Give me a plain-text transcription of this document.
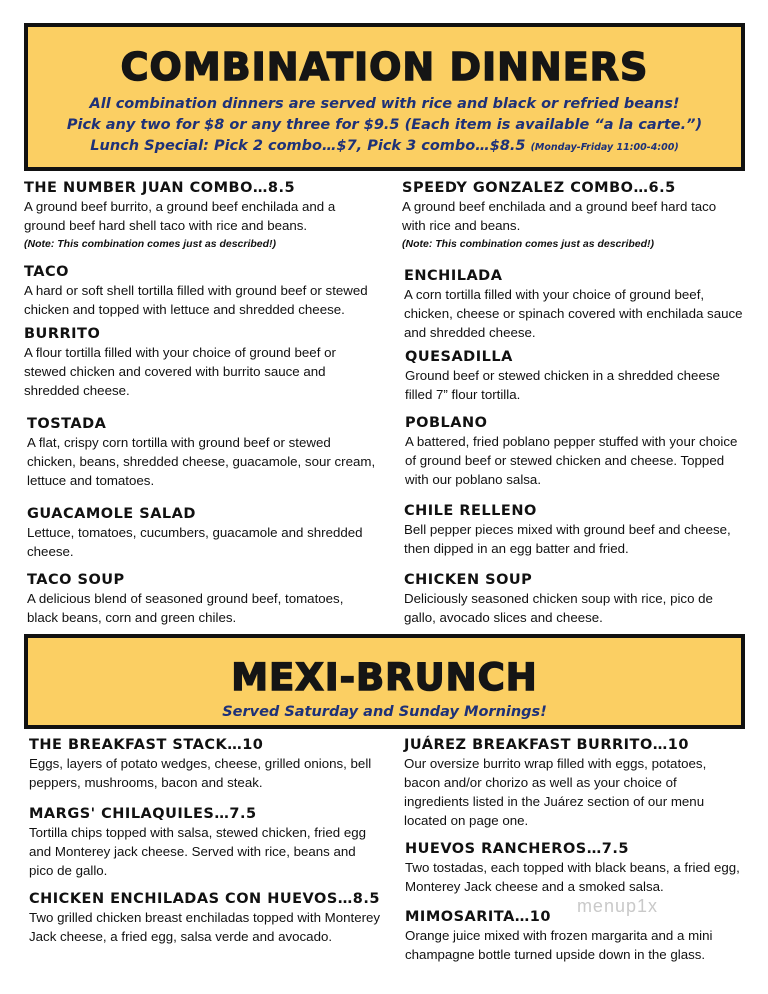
COMBINATION DINNERS
All combination dinners are served with rice and black or refried beans!
Pick any two for $8 or any three for $9.5 (Each item is available “a la carte.”)
Lunch Special: Pick 2 combo…$7, Pick 3 combo…$8.5 (Monday-Friday 11:00-4:00)
THE NUMBER JUAN COMBO…8.5
A ground beef burrito, a ground beef enchilada and a ground beef hard shell taco with rice and beans.
(Note: This combination comes just as described!)
TACO
A hard or soft shell tortilla filled with ground beef or stewed chicken and topped with lettuce and shredded cheese.
BURRITO
A flour tortilla filled with your choice of ground beef or stewed chicken and covered with burrito sauce and shredded cheese.
TOSTADA
A flat, crispy corn tortilla with ground beef or stewed chicken, beans, shredded cheese, guacamole, sour cream, lettuce and tomatoes.
GUACAMOLE SALAD
Lettuce, tomatoes, cucumbers, guacamole and shredded cheese.
TACO SOUP
A delicious blend of seasoned ground beef, tomatoes, black beans, corn and green chiles.
SPEEDY GONZALEZ COMBO…6.5
A ground beef enchilada and a ground beef hard taco with rice and beans.
(Note: This combination comes just as described!)
ENCHILADA
A corn tortilla filled with your choice of ground beef, chicken, cheese or spinach covered with enchilada sauce and shredded cheese.
QUESADILLA
Ground beef or stewed chicken in a shredded cheese filled 7” flour tortilla.
POBLANO
A battered, fried poblano pepper stuffed with your choice of ground beef or stewed chicken and cheese. Topped with our poblano salsa.
CHILE RELLENO
Bell pepper pieces mixed with ground beef and cheese, then dipped in an egg batter and fried.
CHICKEN SOUP
Deliciously seasoned chicken soup with rice, pico de gallo, avocado slices and cheese.
MEXI-BRUNCH
Served Saturday and Sunday Mornings!
THE BREAKFAST STACK…10
Eggs, layers of potato wedges, cheese, grilled onions, bell peppers, mushrooms, bacon and steak.
MARGS' CHILAQUILES…7.5
Tortilla chips topped with salsa, stewed chicken, fried egg and Monterey jack cheese. Served with rice, beans and pico de gallo.
CHICKEN ENCHILADAS CON HUEVOS…8.5
Two grilled chicken breast enchiladas topped with Monterey Jack cheese, a fried egg, salsa verde and avocado.
JUÁREZ BREAKFAST BURRITO…10
Our oversize burrito wrap filled with eggs, potatoes, bacon and/or chorizo as well as your choice of ingredients listed in the Juárez section of our menu located on page one.
HUEVOS RANCHEROS…7.5
Two tostadas, each topped with black beans, a fried egg, Monterey Jack cheese and a smoked salsa.
MIMOSARITA…10
Orange juice mixed with frozen margarita and a mini champagne bottle turned upside down in the glass.
menup1x
